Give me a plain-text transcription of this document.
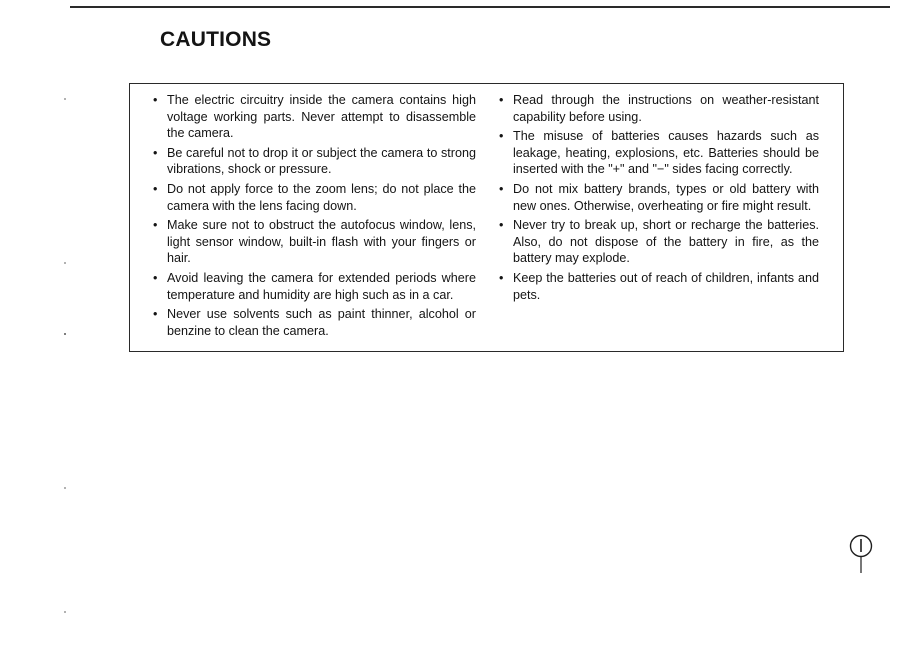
CAUTIONS
• The electric circuitry inside the camera contains high voltage working parts. Never attempt to disassemble the camera.
• Be careful not to drop it or subject the camera to strong vibrations, shock or pressure.
• Do not apply force to the zoom lens; do not place the camera with the lens facing down.
• Make sure not to obstruct the autofocus window, lens, light sensor window, built-in flash with your fingers or hair.
• Avoid leaving the camera for extended periods where temperature and humidity are high such as in a car.
• Never use solvents such as paint thinner, alcohol or benzine to clean the camera.
• Read through the instructions on weather-resistant capability before using.
• The misuse of batteries causes hazards such as leakage, heating, explosions, etc. Batteries should be inserted with the "+" and "−" sides facing correctly.
• Do not mix battery brands, types or old battery with new ones. Otherwise, overheating or fire might result.
• Never try to break up, short or recharge the batteries. Also, do not dispose of the battery in fire, as the battery may explode.
• Keep the batteries out of reach of children, infants and pets.
